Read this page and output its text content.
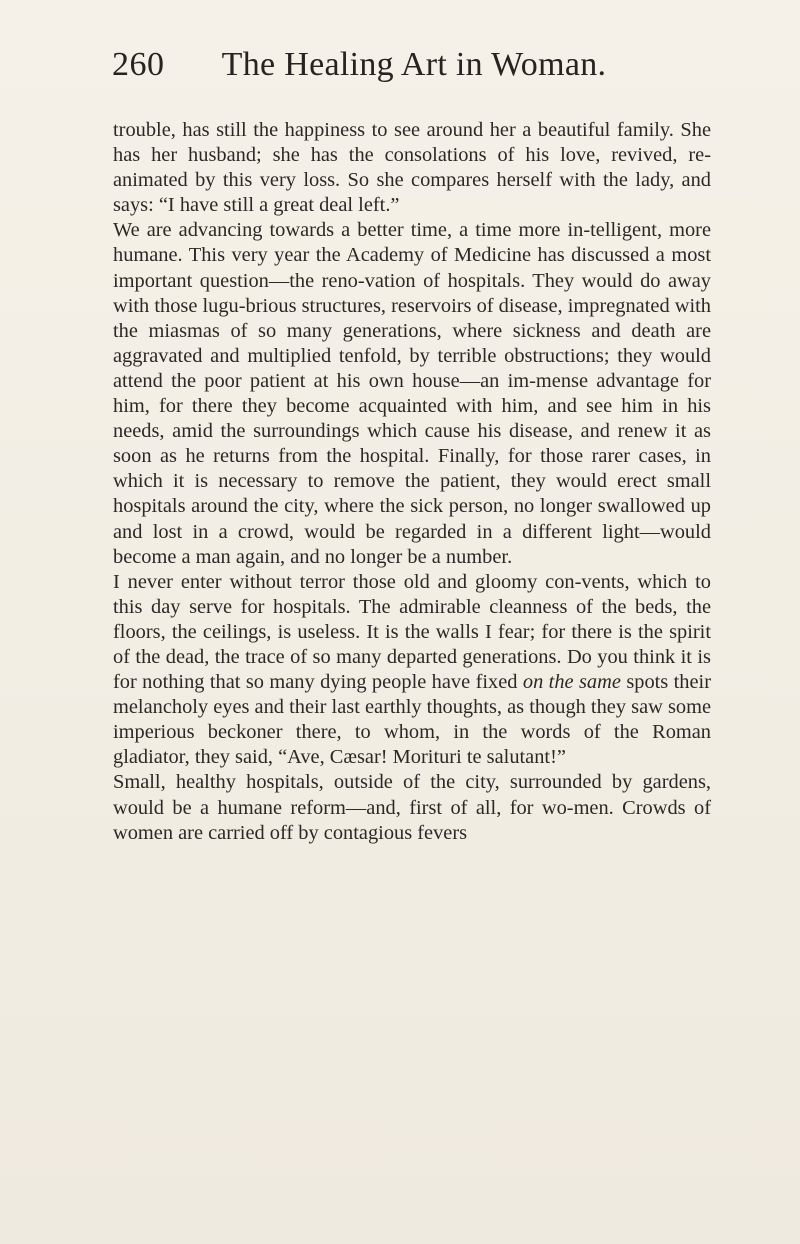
260	The Healing Art in Woman.

trouble, has still the happiness to see around her a beautiful family. She has her husband; she has the consolations of his love, revived, re-animated by this very loss. So she compares herself with the lady, and says: “I have still a great deal left.”

We are advancing towards a better time, a time more in-telligent, more humane. This very year the Academy of Medicine has discussed a most important question—the reno-vation of hospitals. They would do away with those lugu-brious structures, reservoirs of disease, impregnated with the miasmas of so many generations, where sickness and death are aggravated and multiplied tenfold, by terrible obstructions; they would attend the poor patient at his own house—an im-mense advantage for him, for there they become acquainted with him, and see him in his needs, amid the surroundings which cause his disease, and renew it as soon as he returns from the hospital. Finally, for those rarer cases, in which it is necessary to remove the patient, they would erect small hospitals around the city, where the sick person, no longer swallowed up and lost in a crowd, would be regarded in a different light—would become a man again, and no longer be a number.

I never enter without terror those old and gloomy con-vents, which to this day serve for hospitals. The admirable cleanness of the beds, the floors, the ceilings, is useless. It is the walls I fear; for there is the spirit of the dead, the trace of so many departed generations. Do you think it is for nothing that so many dying people have fixed on the same spots their melancholy eyes and their last earthly thoughts, as though they saw some imperious beckoner there, to whom, in the words of the Roman gladiator, they said, “Ave, Cæsar! Morituri te salutant!”

Small, healthy hospitals, outside of the city, surrounded by gardens, would be a humane reform—and, first of all, for wo-men. Crowds of women are carried off by contagious fevers
